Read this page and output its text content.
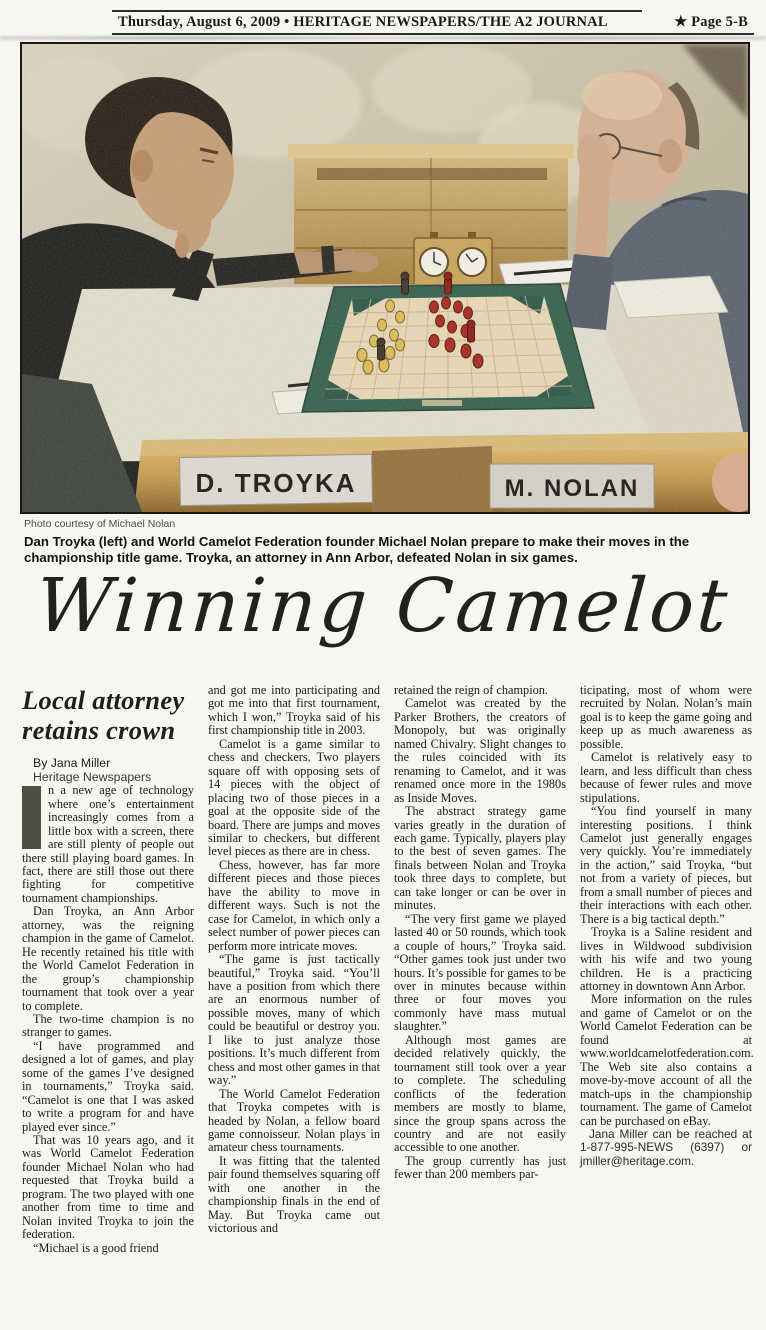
Thursday, August 6, 2009 • HERITAGE NEWSPAPERS/THE A2 JOURNAL	★ Page 5-B
D. TROYKA	M. NOLAN
Photo courtesy of Michael Nolan

Dan Troyka (left) and World Camelot Federation founder Michael Nolan prepare to make their moves in the championship title game. Troyka, an attorney in Ann Arbor, defeated Nolan in six games.

Winning Camelot
Local attorney retains crown

By Jana Miller

Heritage Newspapers

n a new age of technology where one’s entertainment increasingly comes from a little box with a screen, there are still plenty of people out there still playing board games. In fact, there are still those out there fighting for competitive tournament championships.

Dan Troyka, an Ann Arbor attorney, was the reigning champion in the game of Camelot. He recently retained his title with the World Camelot Federation in the group’s championship tournament that took over a year to complete.

The two-time champion is no stranger to games.

“I have programmed and designed a lot of games, and play some of the games I’ve designed in tournaments,” Troyka said. “Camelot is one that I was asked to write a program for and have played ever since.”

That was 10 years ago, and it was World Camelot Federation founder Michael Nolan who had requested that Troyka build a program. The two played with one another from time to time and Nolan invited Troyka to join the federation.

“Michael is a good friend

and got me into participating and got me into that first tournament, which I won,” Troyka said of his first championship title in 2003.

Camelot is a game similar to chess and checkers. Two players square off with opposing sets of 14 pieces with the object of placing two of those pieces in a goal at the opposite side of the board. There are jumps and moves similar to checkers, but different level pieces as there are in chess.

Chess, however, has far more different pieces and those pieces have the ability to move in different ways. Such is not the case for Camelot, in which only a select number of power pieces can perform more intricate moves.

“The game is just tactically beautiful,” Troyka said. “You’ll have a position from which there are an enormous number of possible moves, many of which could be beautiful or destroy you. I like to just analyze those positions. It’s much different from chess and most other games in that way.”

The World Camelot Federation that Troyka competes with is headed by Nolan, a fellow board game connoisseur. Nolan plays in amateur chess tournaments.

It was fitting that the talented pair found themselves squaring off with one another in the championship finals in the end of May. But Troyka came out victorious and

retained the reign of champion.

Camelot was created by the Parker Brothers, the creators of Monopoly, but was originally named Chivalry. Slight changes to the rules coincided with its renaming to Camelot, and it was renamed once more in the 1980s as Inside Moves.

The abstract strategy game varies greatly in the duration of each game. Typically, players play to the best of seven games. The finals between Nolan and Troyka took three days to complete, but can take longer or can be over in minutes.

“The very first game we played lasted 40 or 50 rounds, which took a couple of hours,” Troyka said. “Other games took just under two hours. It’s possible for games to be over in minutes because within three or four moves you commonly have mass mutual slaughter.”

Although most games are decided relatively quickly, the tournament still took over a year to complete. The scheduling conflicts of the federation members are mostly to blame, since the group spans across the country and are not easily accessible to one another.

The group currently has just fewer than 200 members par-

ticipating, most of whom were recruited by Nolan. Nolan’s main goal is to keep the game going and keep up as much awareness as possible.

Camelot is relatively easy to learn, and less difficult than chess because of fewer rules and move stipulations.

“You find yourself in many interesting positions. I think Camelot just generally engages very quickly. You’re immediately in the action,” said Troyka, “but not from a variety of pieces, but from a small number of pieces and their interactions with each other. There is a big tactical depth.”

Troyka is a Saline resident and lives in Wildwood subdivision with his wife and two young children. He is a practicing attorney in downtown Ann Arbor.

More information on the rules and game of Camelot or on the World Camelot Federation can be found at www.worldcamelotfederation.com. The Web site also contains a move-by-move account of all the match-ups in the championship tournament. The game of Camelot can be purchased on eBay.

Jana Miller can be reached at 1-877-995-NEWS (6397) or jmiller@heritage.com.
